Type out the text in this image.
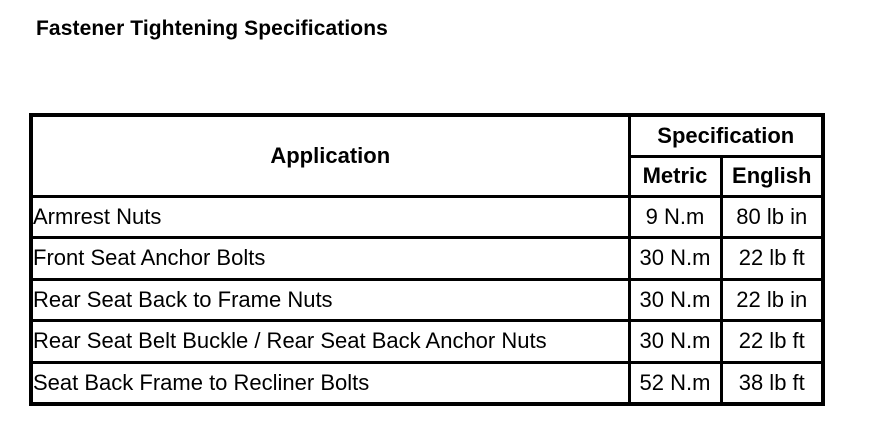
Fastener Tightening Specifications
Application	Specification	
	Metric	English
Armrest Nuts	9 N.m	80 lb in
Front Seat Anchor Bolts	30 N.m	22 lb ft
Rear Seat Back to Frame Nuts	30 N.m	22 lb in
Rear Seat Belt Buckle / Rear Seat Back Anchor Nuts	30 N.m	22 lb ft
Seat Back Frame to Recliner Bolts	52 N.m	38 lb ft
